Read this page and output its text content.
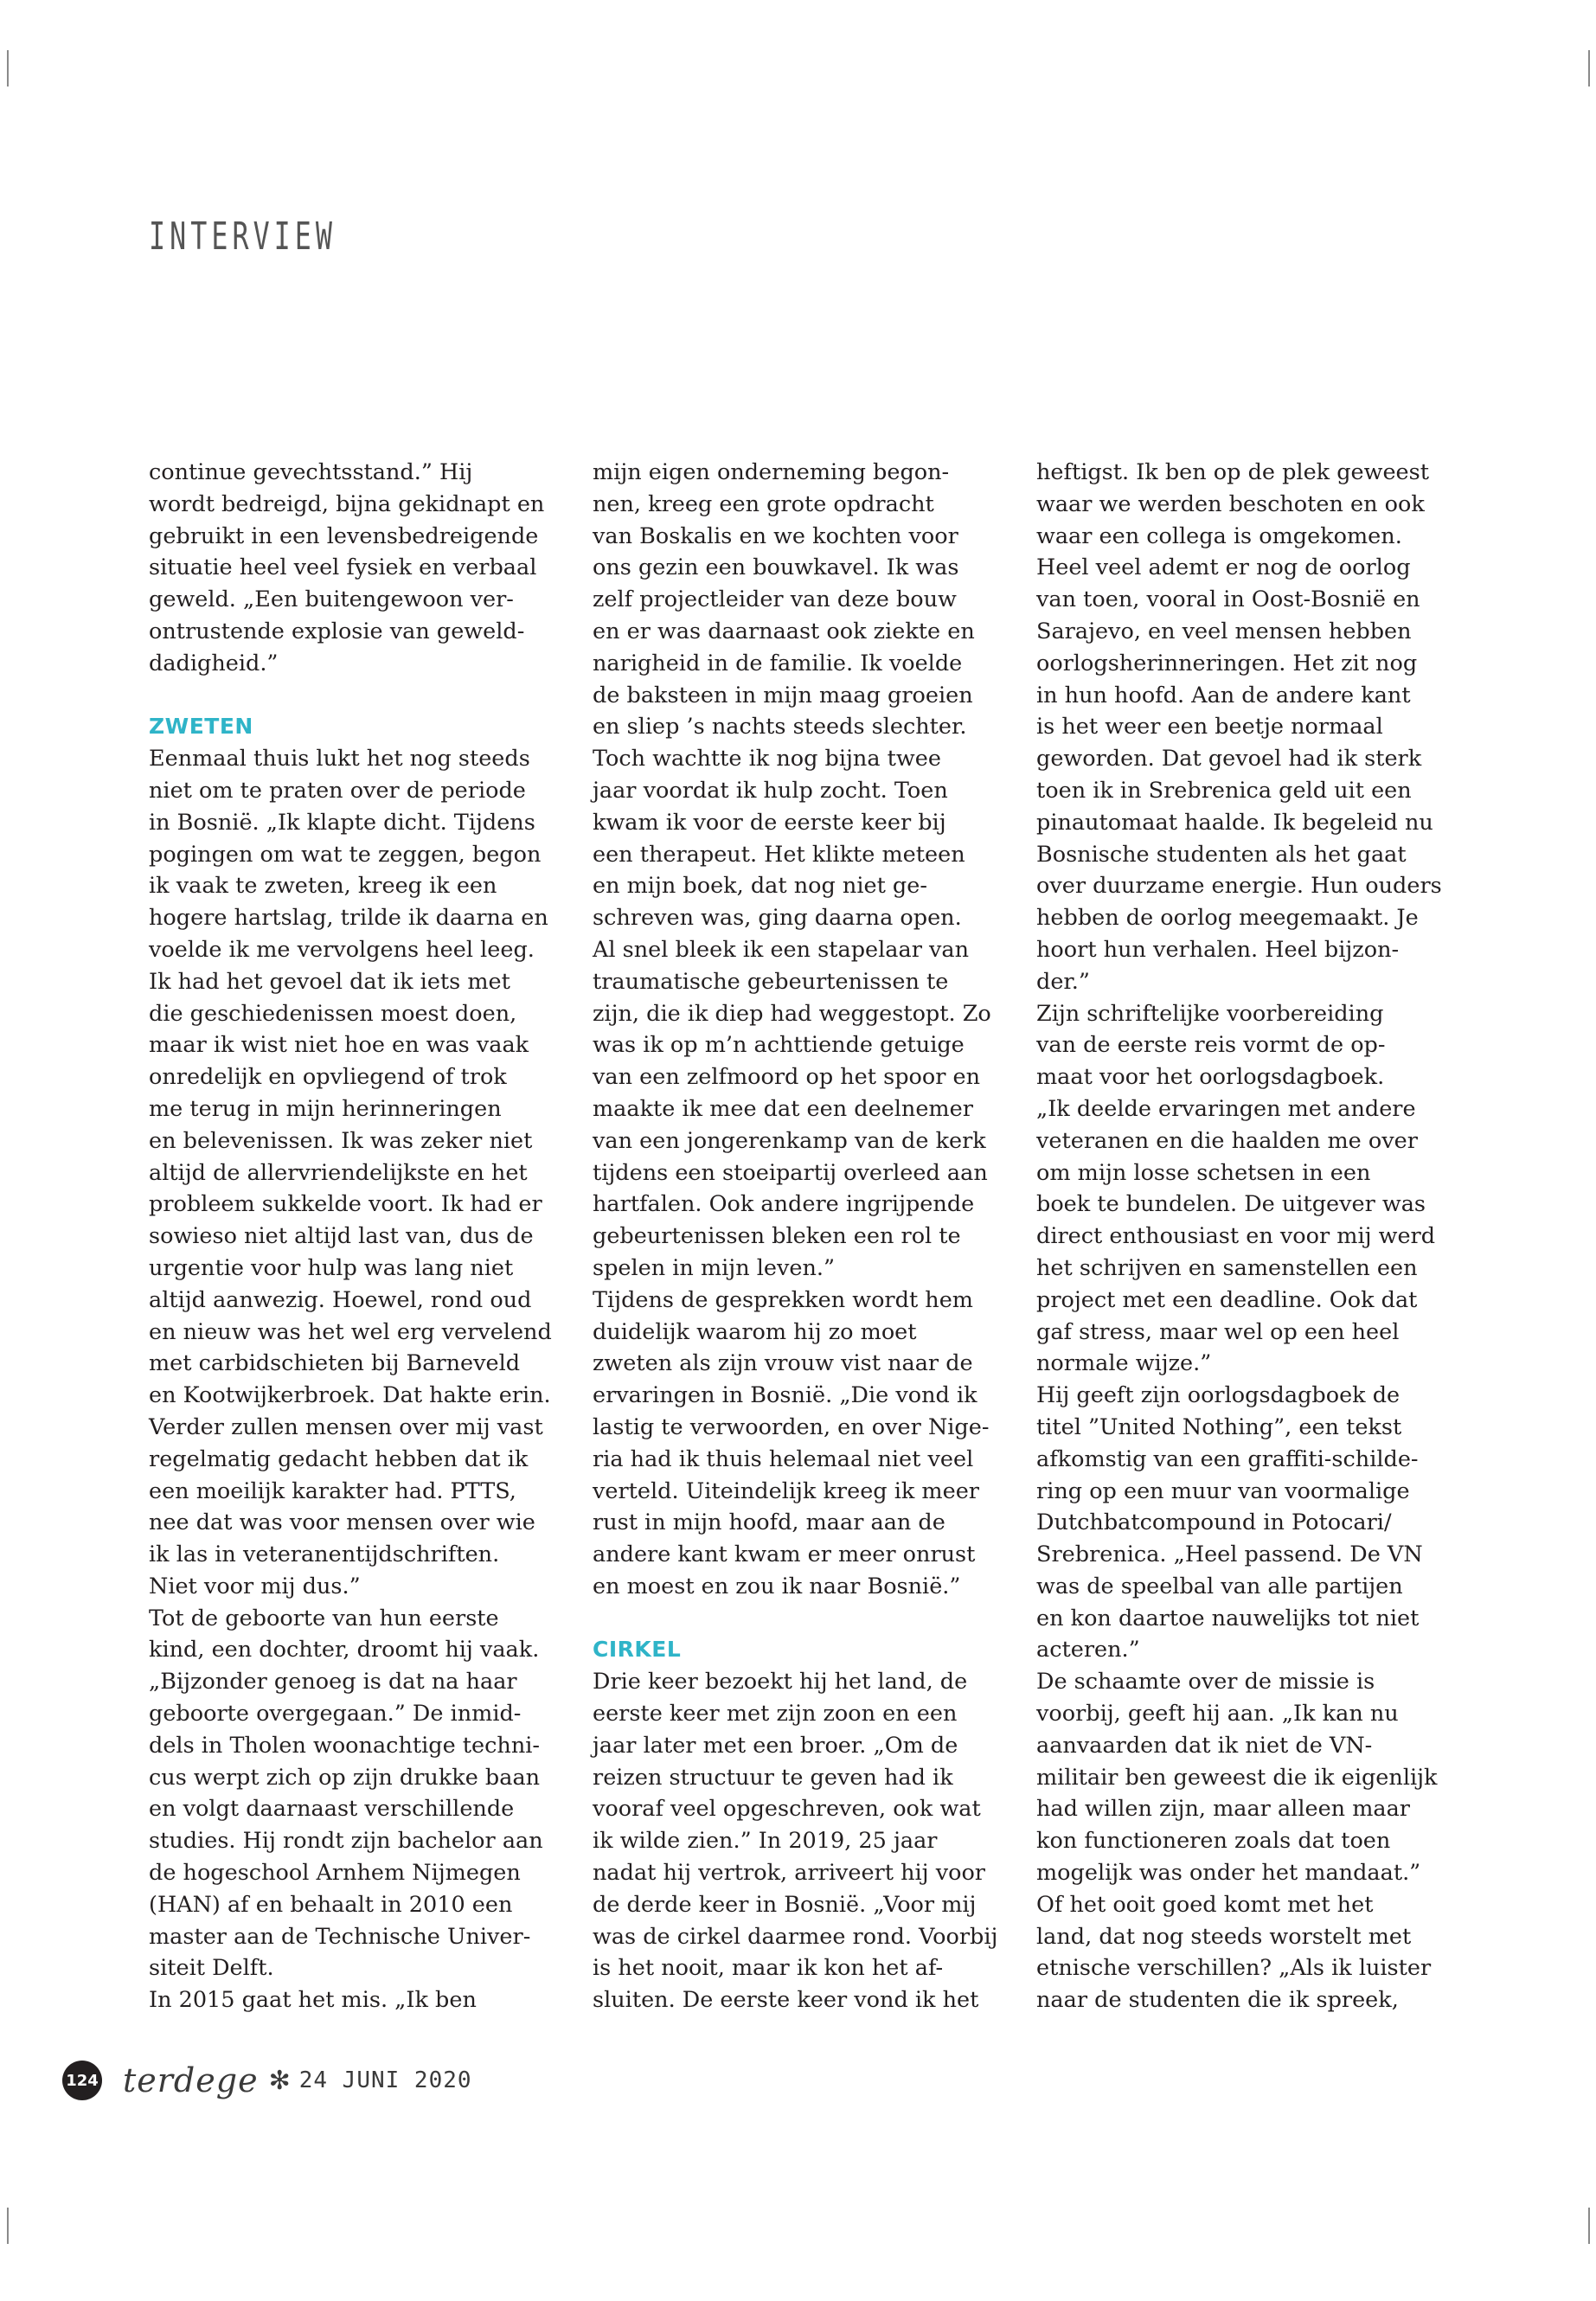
INTERVIEW

continue gevechtsstand.” Hij

wordt bedreigd, bijna gekidnapt en

gebruikt in een levensbedreigende

situatie heel veel fysiek en verbaal

geweld. „Een buitengewoon ver-

ontrustende explosie van geweld-

dadigheid.”

ZWETEN

Eenmaal thuis lukt het nog steeds

niet om te praten over de periode

in Bosnië. „Ik klapte dicht. Tijdens

pogingen om wat te zeggen, begon

ik vaak te zweten, kreeg ik een

hogere hartslag, trilde ik daarna en

voelde ik me vervolgens heel leeg.

Ik had het gevoel dat ik iets met

die geschiedenissen moest doen,

maar ik wist niet hoe en was vaak

onredelijk en opvliegend of trok

me terug in mijn herinneringen

en belevenissen. Ik was zeker niet

altijd de allervriendelijkste en het

probleem sukkelde voort. Ik had er

sowieso niet altijd last van, dus de

urgentie voor hulp was lang niet

altijd aanwezig. Hoewel, rond oud

en nieuw was het wel erg vervelend

met carbidschieten bij Barneveld

en Kootwijkerbroek. Dat hakte erin.

Verder zullen mensen over mij vast

regelmatig gedacht hebben dat ik

een moeilijk karakter had. PTTS,

nee dat was voor mensen over wie

ik las in veteranentijdschriften.

Niet voor mij dus.”

Tot de geboorte van hun eerste

kind, een dochter, droomt hij vaak.

„Bijzonder genoeg is dat na haar

geboorte overgegaan.” De inmid-

dels in Tholen woonachtige techni-

cus werpt zich op zijn drukke baan

en volgt daarnaast verschillende

studies. Hij rondt zijn bachelor aan

de hogeschool Arnhem Nijmegen

(HAN) af en behaalt in 2010 een

master aan de Technische Univer-

siteit Delft.

In 2015 gaat het mis. „Ik ben

mijn eigen onderneming begon-

nen, kreeg een grote opdracht

van Boskalis en we kochten voor

ons gezin een bouwkavel. Ik was

zelf projectleider van deze bouw

en er was daarnaast ook ziekte en

narigheid in de familie. Ik voelde

de baksteen in mijn maag groeien

en sliep ’s nachts steeds slechter.

Toch wachtte ik nog bijna twee

jaar voordat ik hulp zocht. Toen

kwam ik voor de eerste keer bij

een therapeut. Het klikte meteen

en mijn boek, dat nog niet ge-

schreven was, ging daarna open.

Al snel bleek ik een stapelaar van

traumatische gebeurtenissen te

zijn, die ik diep had weggestopt. Zo

was ik op m’n achttiende getuige

van een zelfmoord op het spoor en

maakte ik mee dat een deelnemer

van een jongerenkamp van de kerk

tijdens een stoeipartij overleed aan

hartfalen. Ook andere ingrijpende

gebeurtenissen bleken een rol te

spelen in mijn leven.”

Tijdens de gesprekken wordt hem

duidelijk waarom hij zo moet

zweten als zijn vrouw vist naar de

ervaringen in Bosnië. „Die vond ik

lastig te verwoorden, en over Nige-

ria had ik thuis helemaal niet veel

verteld. Uiteindelijk kreeg ik meer

rust in mijn hoofd, maar aan de

andere kant kwam er meer onrust

en moest en zou ik naar Bosnië.”

CIRKEL

Drie keer bezoekt hij het land, de

eerste keer met zijn zoon en een

jaar later met een broer. „Om de

reizen structuur te geven had ik

vooraf veel opgeschreven, ook wat

ik wilde zien.” In 2019, 25 jaar

nadat hij vertrok, arriveert hij voor

de derde keer in Bosnië. „Voor mij

was de cirkel daarmee rond. Voorbij

is het nooit, maar ik kon het af-

sluiten. De eerste keer vond ik het

heftigst. Ik ben op de plek geweest

waar we werden beschoten en ook

waar een collega is omgekomen.

Heel veel ademt er nog de oorlog

van toen, vooral in Oost-Bosnië en

Sarajevo, en veel mensen hebben

oorlogsherinneringen. Het zit nog

in hun hoofd. Aan de andere kant

is het weer een beetje normaal

geworden. Dat gevoel had ik sterk

toen ik in Srebrenica geld uit een

pinautomaat haalde. Ik begeleid nu

Bosnische studenten als het gaat

over duurzame energie. Hun ouders

hebben de oorlog meegemaakt. Je

hoort hun verhalen. Heel bijzon-

der.”

Zijn schriftelijke voorbereiding

van de eerste reis vormt de op-

maat voor het oorlogsdagboek.

„Ik deelde ervaringen met andere

veteranen en die haalden me over

om mijn losse schetsen in een

boek te bundelen. De uitgever was

direct enthousiast en voor mij werd

het schrijven en samenstellen een

project met een deadline. Ook dat

gaf stress, maar wel op een heel

normale wijze.”

Hij geeft zijn oorlogsdagboek de

titel ”United Nothing”, een tekst

afkomstig van een graffiti-schilde-

ring op een muur van voormalige

Dutchbatcompound in Potocari/

Srebrenica. „Heel passend. De VN

was de speelbal van alle partijen

en kon daartoe nauwelijks tot niet

acteren.”

De schaamte over de missie is

voorbij, geeft hij aan. „Ik kan nu

aanvaarden dat ik niet de VN-

militair ben geweest die ik eigenlijk

had willen zijn, maar alleen maar

kon functioneren zoals dat toen

mogelijk was onder het mandaat.”

Of het ooit goed komt met het

land, dat nog steeds worstelt met

etnische verschillen? „Als ik luister

naar de studenten die ik spreek,

124 terdege ✻ 24 JUNI 2020
